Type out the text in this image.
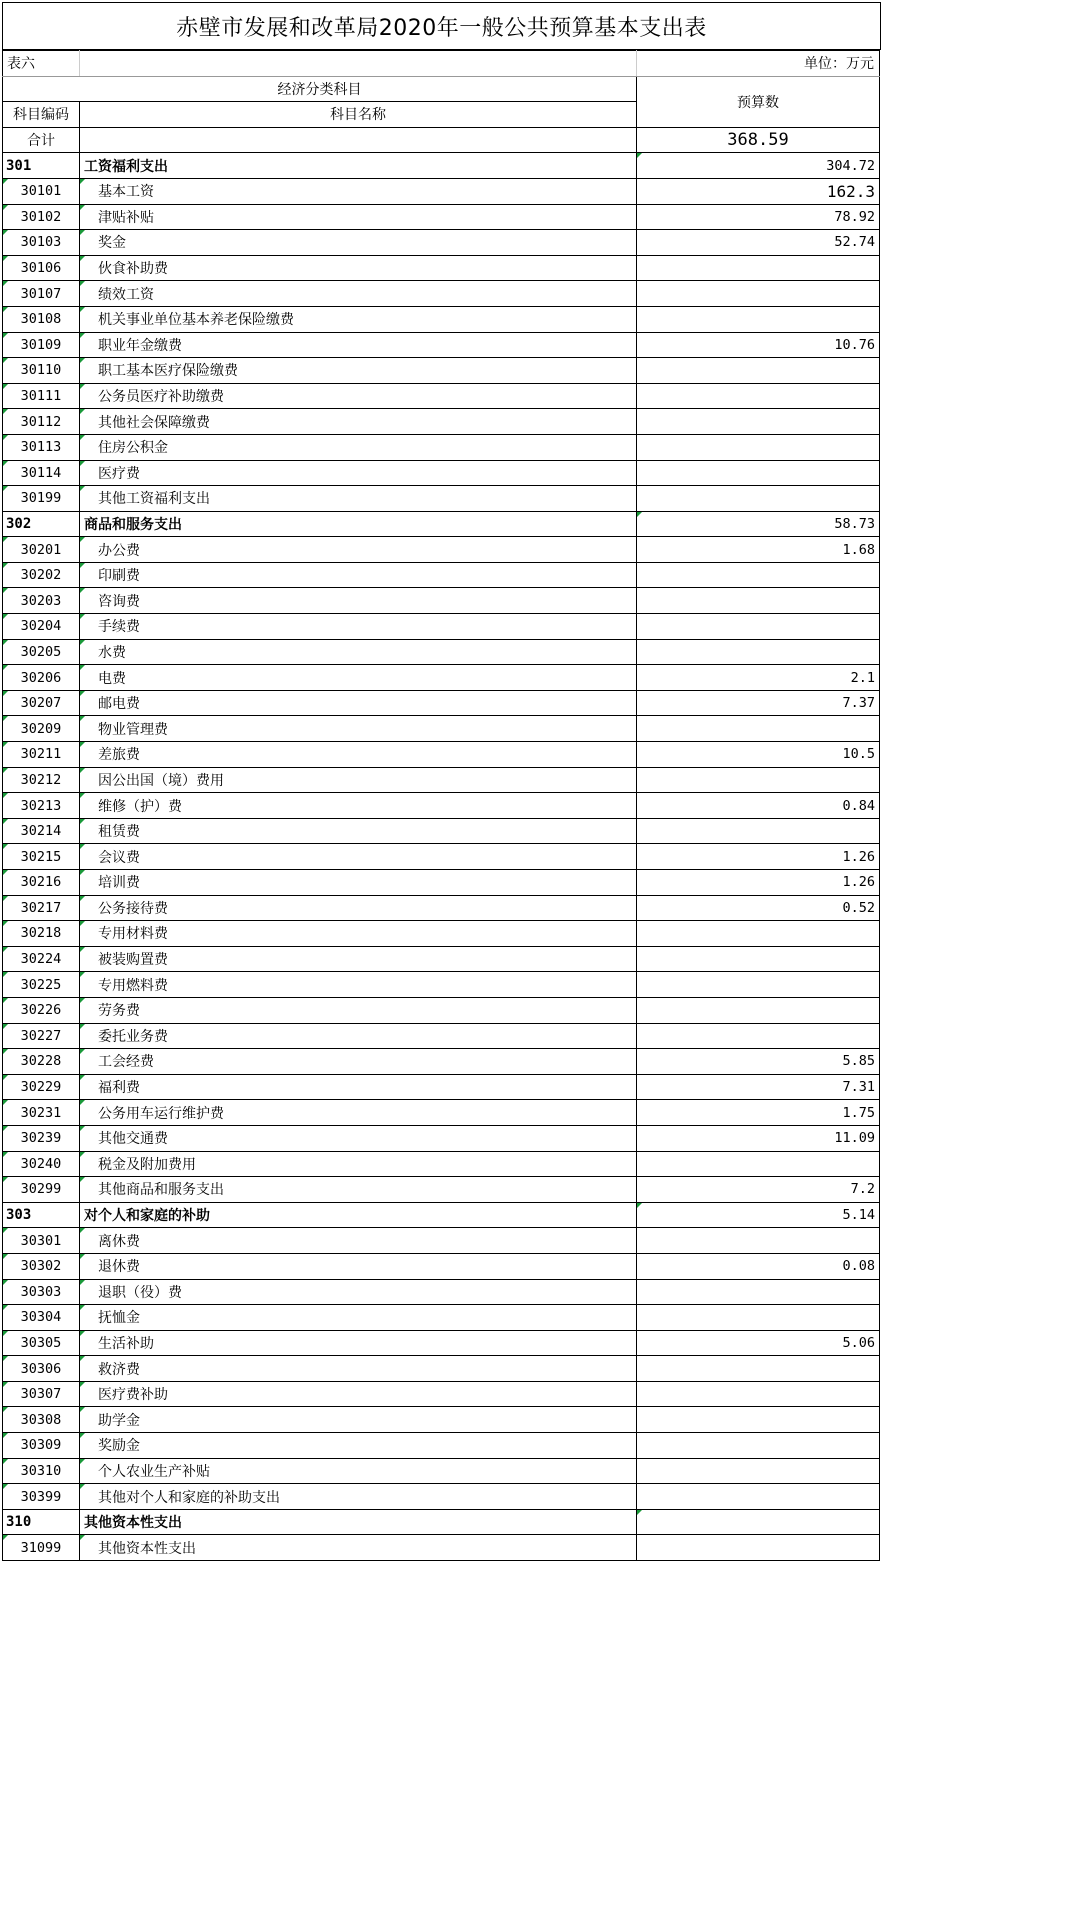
赤壁市发展和改革局2020年一般公共预算基本支出表
表六		单位：万元
经济分类科目		预算数
科目编码	科目名称	
合计		368.59
301	工资福利支出	304.72
30101	基本工资	162.3
30102	津贴补贴	78.92
30103	奖金	52.74
30106	伙食补助费	
30107	绩效工资	
30108	机关事业单位基本养老保险缴费	
30109	职业年金缴费	10.76
30110	职工基本医疗保险缴费	
30111	公务员医疗补助缴费	
30112	其他社会保障缴费	
30113	住房公积金	
30114	医疗费	
30199	其他工资福利支出	
302	商品和服务支出	58.73
30201	办公费	1.68
30202	印刷费	
30203	咨询费	
30204	手续费	
30205	水费	
30206	电费	2.1
30207	邮电费	7.37
30209	物业管理费	
30211	差旅费	10.5
30212	因公出国（境）费用	
30213	维修（护）费	0.84
30214	租赁费	
30215	会议费	1.26
30216	培训费	1.26
30217	公务接待费	0.52
30218	专用材料费	
30224	被装购置费	
30225	专用燃料费	
30226	劳务费	
30227	委托业务费	
30228	工会经费	5.85
30229	福利费	7.31
30231	公务用车运行维护费	1.75
30239	其他交通费	11.09
30240	税金及附加费用	
30299	其他商品和服务支出	7.2
303	对个人和家庭的补助	5.14
30301	离休费	
30302	退休费	0.08
30303	退职（役）费	
30304	抚恤金	
30305	生活补助	5.06
30306	救济费	
30307	医疗费补助	
30308	助学金	
30309	奖励金	
30310	个人农业生产补贴	
30399	其他对个人和家庭的补助支出	
310	其他资本性支出	
31099	其他资本性支出	
